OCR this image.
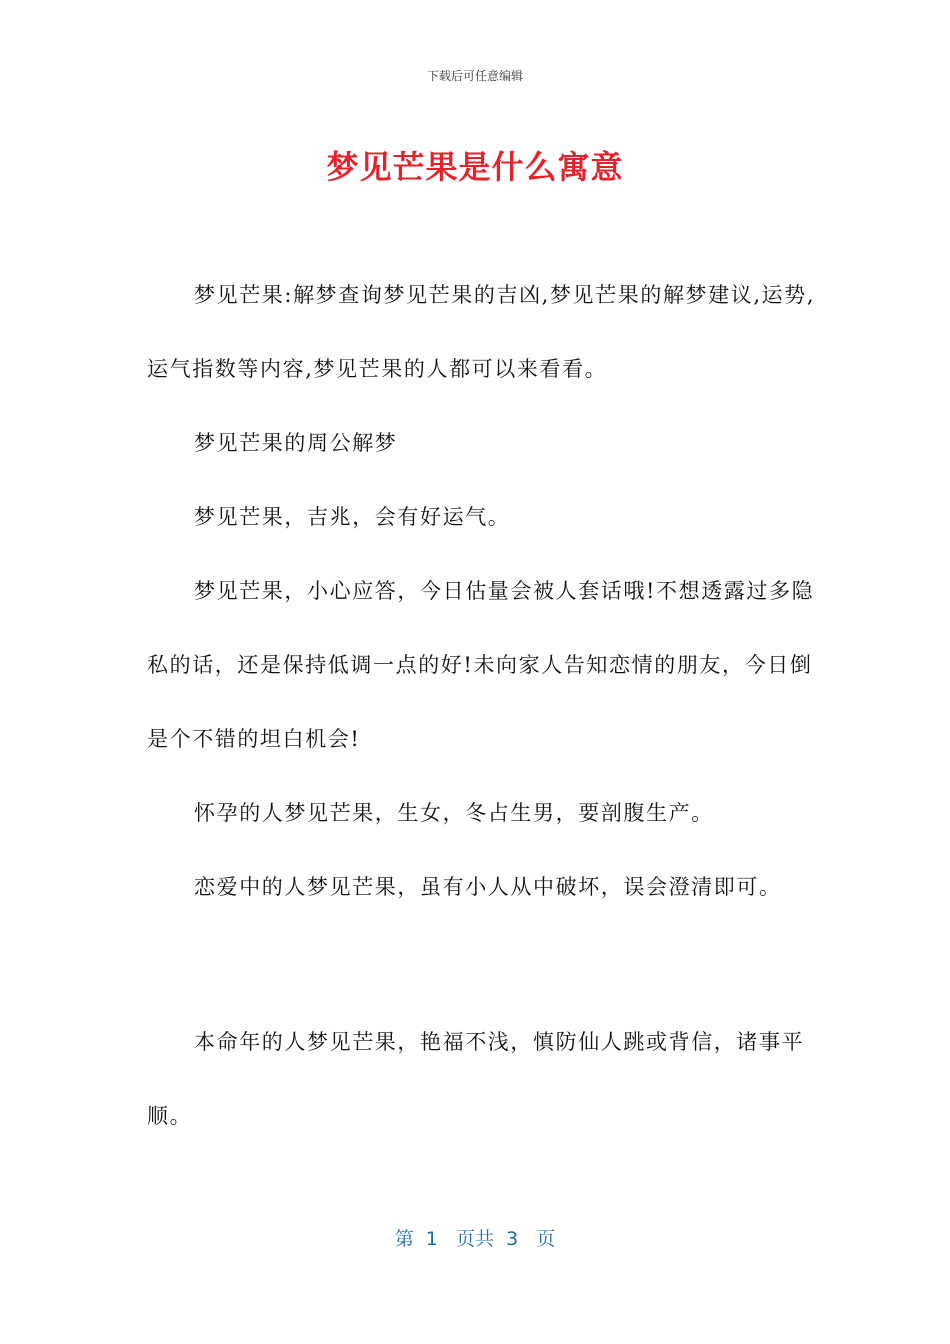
下载后可任意编辑
梦见芒果是什么寓意

梦见芒果:解梦查询梦见芒果的吉凶,梦见芒果的解梦建议,运势,运气指数等内容,梦见芒果的人都可以来看看。

梦见芒果的周公解梦

梦见芒果，吉兆，会有好运气。

梦见芒果，小心应答，今日估量会被人套话哦!不想透露过多隐私的话，还是保持低调一点的好!未向家人告知恋情的朋友，今日倒是个不错的坦白机会!

怀孕的人梦见芒果，生女，冬占生男，要剖腹生产。

恋爱中的人梦见芒果，虽有小人从中破坏，误会澄清即可。

本命年的人梦见芒果，艳福不浅，慎防仙人跳或背信，诸事平顺。

第  1   页共  3   页
